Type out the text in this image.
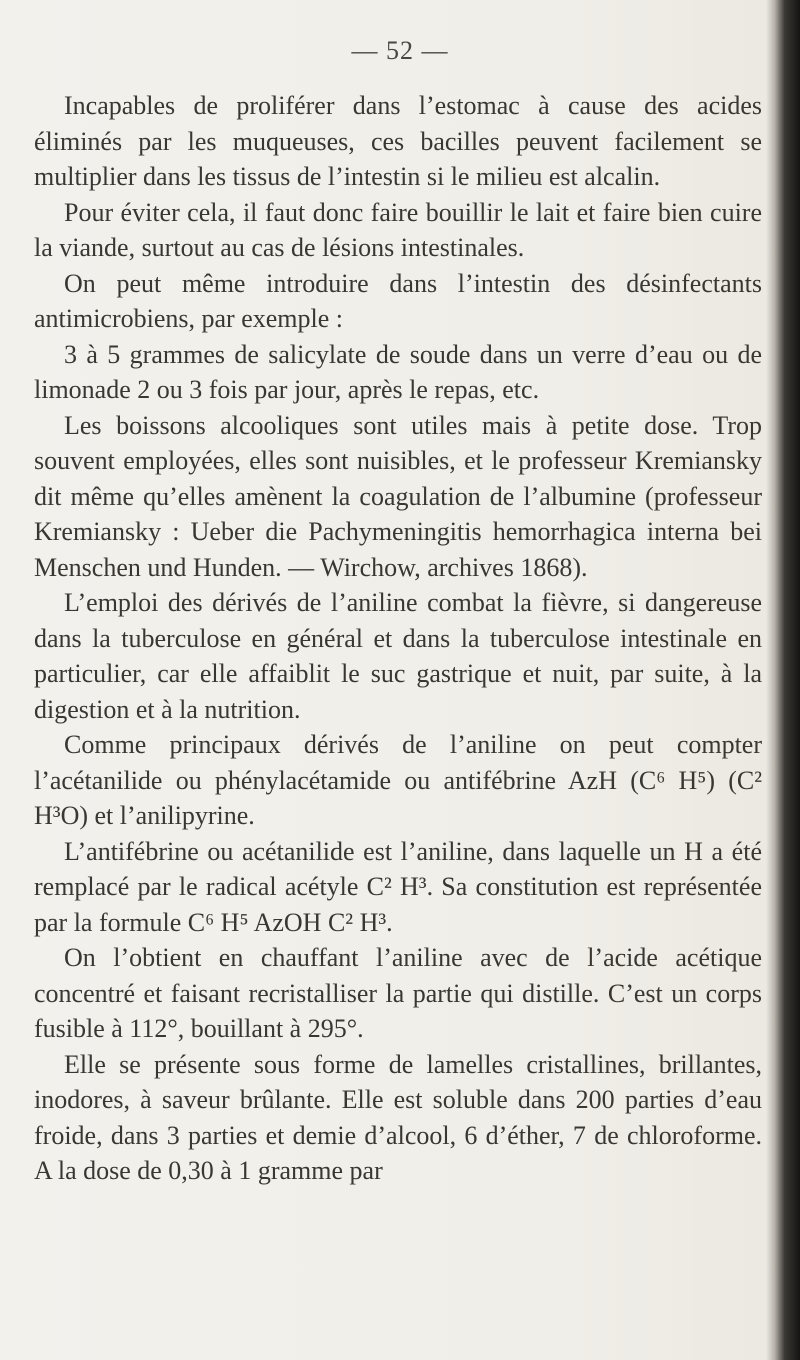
— 52 —

Incapables de proliférer dans l’estomac à cause des acides éliminés par les muqueuses, ces bacilles peuvent facilement se multiplier dans les tissus de l’intestin si le milieu est alcalin.

Pour éviter cela, il faut donc faire bouillir le lait et faire bien cuire la viande, surtout au cas de lésions intestinales.

On peut même introduire dans l’intestin des désinfectants antimicrobiens, par exemple :

3 à 5 grammes de salicylate de soude dans un verre d’eau ou de limonade 2 ou 3 fois par jour, après le repas, etc.

Les boissons alcooliques sont utiles mais à petite dose. Trop souvent employées, elles sont nuisibles, et le professeur Kremiansky dit même qu’elles amènent la coagulation de l’albumine (professeur Kremiansky : Ueber die Pachymeningitis hemorrhagica interna bei Menschen und Hunden. — Wirchow, archives 1868).

L’emploi des dérivés de l’aniline combat la fièvre, si dangereuse dans la tuberculose en général et dans la tuberculose intestinale en particulier, car elle affaiblit le suc gastrique et nuit, par suite, à la digestion et à la nutrition.

Comme principaux dérivés de l’aniline on peut compter l’acétanilide ou phénylacétamide ou antifébrine AzH (C⁶ H⁵) (C² H³O) et l’anilipyrine.

L’antifébrine ou acétanilide est l’aniline, dans laquelle un H a été remplacé par le radical acétyle C² H³. Sa constitution est représentée par la formule C⁶ H⁵ AzOH C² H³.

On l’obtient en chauffant l’aniline avec de l’acide acétique concentré et faisant recristalliser la partie qui distille. C’est un corps fusible à 112°, bouillant à 295°.

Elle se présente sous forme de lamelles cristallines, brillantes, inodores, à saveur brûlante. Elle est soluble dans 200 parties d’eau froide, dans 3 parties et demie d’alcool, 6 d’éther, 7 de chloroforme. A la dose de 0,30 à 1 gramme par
